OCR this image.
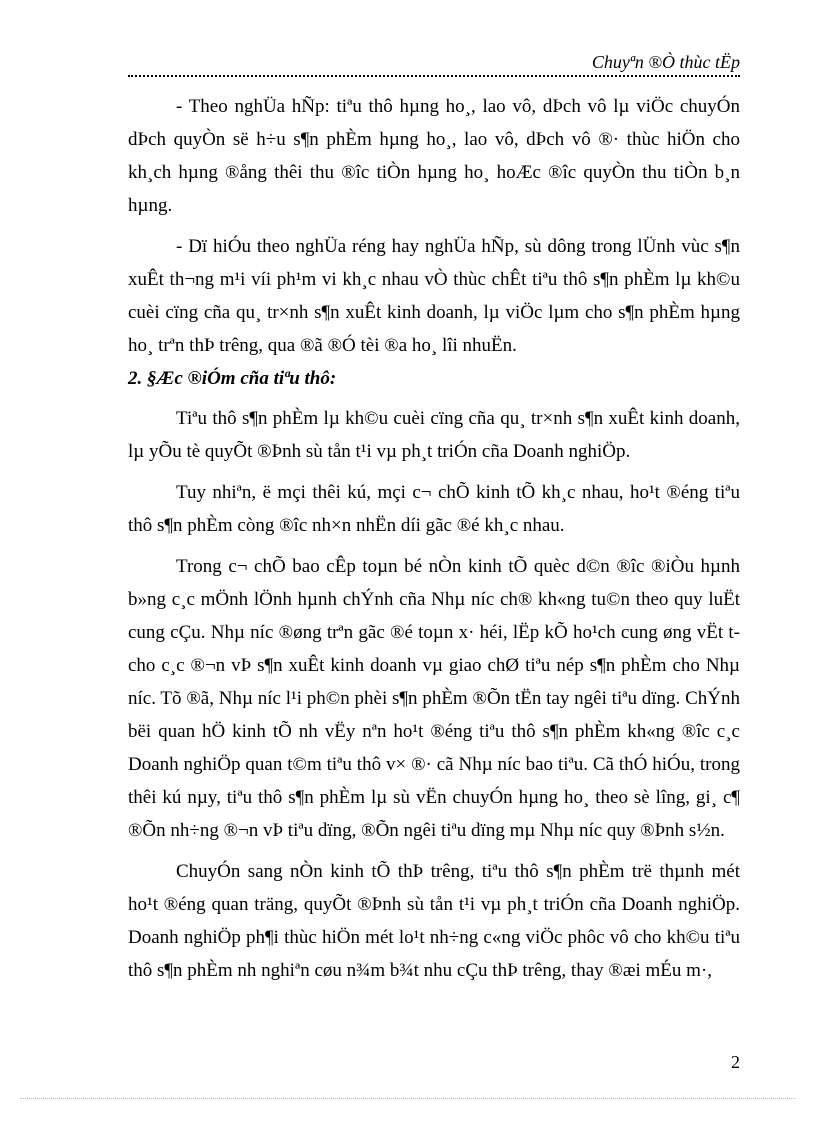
Chuyªn ®Ò thùc tËp

- Theo nghÜa hÑp: tiªu thô hµng ho¸, lao vô, dÞch vô lµ viÖc chuyÓn dÞch quyÒn së h÷u s¶n phÈm hµng ho¸, lao vô, dÞch vô ®· thùc hiÖn cho kh¸ch hµng ®ång thêi thu ®îc tiÒn hµng ho¸ hoÆc ®îc quyÒn thu tiÒn b¸n hµng.

- Dï hiÓu theo nghÜa réng hay nghÜa hÑp, sù dông trong lÜnh vùc s¶n xuÊt th¬ng m¹i víi ph¹m vi kh¸c nhau vÒ thùc chÊt tiªu thô s¶n phÈm lµ kh©u cuèi cïng cña qu¸ tr×nh s¶n xuÊt kinh doanh, lµ viÖc lµm cho s¶n phÈm hµng ho¸ trªn thÞ trêng, qua ®ã ®Ó tèi ®a ho¸ lîi nhuËn.

2. §Æc ®iÓm cña tiªu thô:

Tiªu thô s¶n phÈm lµ kh©u cuèi cïng cña qu¸ tr×nh s¶n xuÊt kinh doanh, lµ yÕu tè quyÕt ®Þnh sù tån t¹i vµ ph¸t triÓn cña Doanh nghiÖp.

Tuy nhiªn, ë mçi thêi kú, mçi c¬ chÕ kinh tÕ kh¸c nhau, ho¹t ®éng tiªu thô s¶n phÈm còng ®îc nh×n nhËn díi gãc ®é kh¸c nhau.

Trong c¬ chÕ bao cÊp toµn bé nÒn kinh tÕ quèc d©n ®îc ®iÒu hµnh b»ng c¸c mÖnh lÖnh hµnh chÝnh cña Nhµ níc ch® kh«ng tu©n theo quy luËt cung cÇu. Nhµ níc ®øng trªn gãc ®é toµn x· héi, lËp kÕ ho¹ch cung øng vËt t cho c¸c ®¬n vÞ s¶n xuÊt kinh doanh vµ giao chØ tiªu nép s¶n phÈm cho Nhµ níc. Tõ ®ã, Nhµ níc l¹i ph©n phèi s¶n phÈm ®Õn tËn tay ngêi tiªu dïng. ChÝnh bëi quan hÖ kinh tÕ nh vËy nªn ho¹t ®éng tiªu thô s¶n phÈm kh«ng ®îc c¸c Doanh nghiÖp quan t©m tiªu thô v× ®· cã Nhµ níc bao tiªu. Cã thÓ hiÓu, trong thêi kú nµy, tiªu thô s¶n phÈm lµ sù vËn chuyÓn hµng ho¸ theo sè lîng, gi¸ c¶ ®Õn nh÷ng ®¬n vÞ tiªu dïng, ®Õn ngêi tiªu dïng mµ Nhµ níc quy ®Þnh s½n.

ChuyÓn sang nÒn kinh tÕ thÞ trêng, tiªu thô s¶n phÈm trë thµnh mét ho¹t ®éng quan träng, quyÕt ®Þnh sù tån t¹i vµ ph¸t triÓn cña Doanh nghiÖp. Doanh nghiÖp ph¶i thùc hiÖn mét lo¹t nh÷ng c«ng viÖc phôc vô cho kh©u tiªu thô s¶n phÈm nh nghiªn cøu n¾m b¾t nhu cÇu thÞ trêng, thay ®æi mÉu m·,

2
